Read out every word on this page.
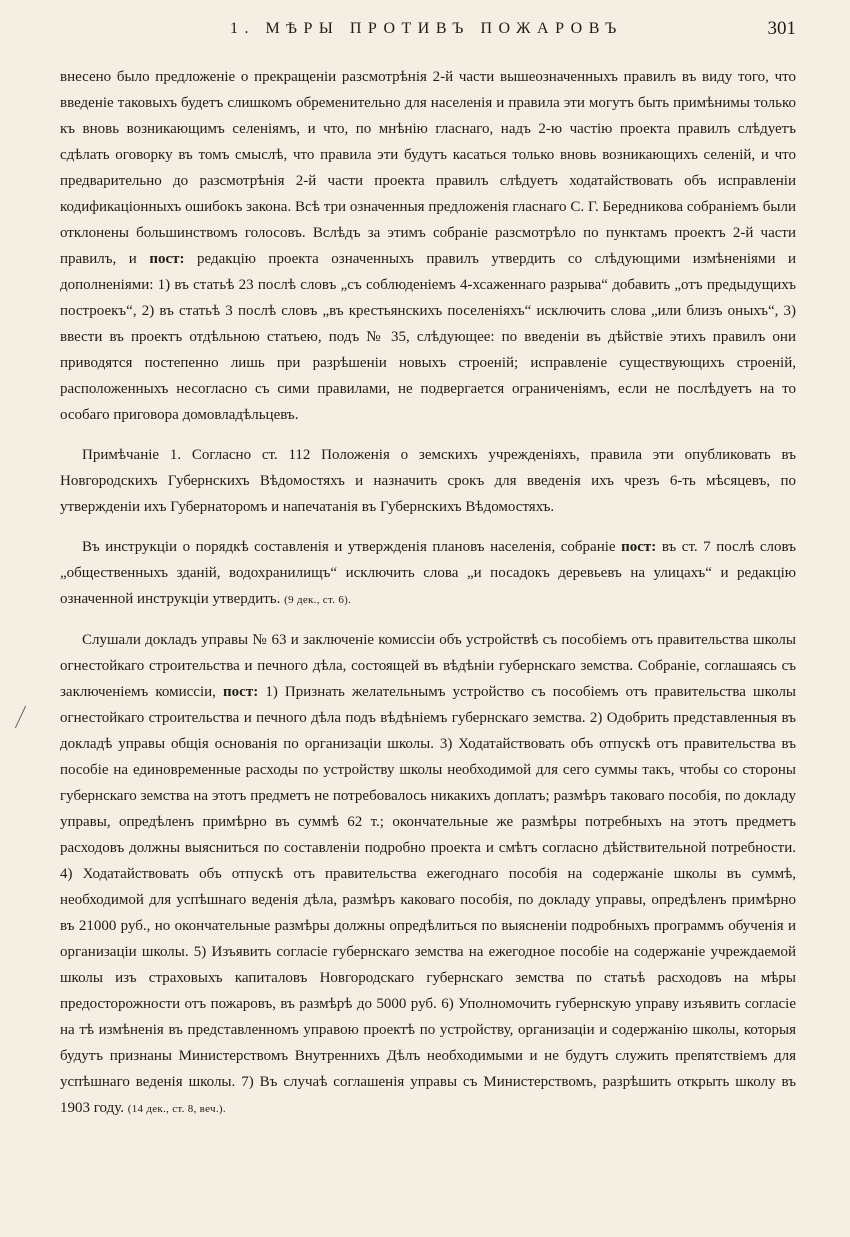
1. МѢРЫ ПРОТИВЪ ПОЖАРОВЪ	301

внесено было предложеніе о прекращеніи разсмотрѣнія 2-й части вышеозначенныхъ правилъ въ виду того, что введеніе таковыхъ будетъ слишкомъ обременительно для населенія и правила эти могутъ быть примѣнимы только къ вновь возникающимъ селеніямъ, и что, по мнѣнію гласнаго, надъ 2-ю частію проекта правилъ слѣдуетъ сдѣлать оговорку въ томъ смыслѣ, что правила эти будутъ касаться только вновь возникающихъ селеній, и что предварительно до разсмотрѣнія 2-й части проекта правилъ слѣдуетъ ходатайствовать объ исправленіи кодификаціонныхъ ошибокъ закона. Всѣ три означенныя предложенія гласнаго С. Г. Бередникова собраніемъ были отклонены большинствомъ голосовъ. Вслѣдъ за этимъ собраніе разсмотрѣло по пунктамъ проектъ 2-й части правилъ, и пост: редакцію проекта означенныхъ правилъ утвердить со слѣдующими измѣненіями и дополненіями: 1) въ статьѣ 23 послѣ словъ „съ соблюденіемъ 4-хсаженнаго разрыва“ добавить „отъ предыдущихъ построекъ“, 2) въ статьѣ 3 послѣ словъ „въ крестьянскихъ поселеніяхъ“ исключить слова „или близъ оныхъ“, 3) ввести въ проектъ отдѣльною статьею, подъ № 35, слѣдующее: по введеніи въ дѣйствіе этихъ правилъ они приводятся постепенно лишь при разрѣшеніи новыхъ строеній; исправленіе существующихъ строеній, расположенныхъ несогласно съ сими правилами, не подвергается ограниченіямъ, если не послѣдуетъ на то особаго приговора домовладѣльцевъ.

Примѣчаніе 1. Согласно ст. 112 Положенія о земскихъ учрежденіяхъ, правила эти опубликовать въ Новгородскихъ Губернскихъ Вѣдомостяхъ и назначить срокъ для введенія ихъ чрезъ 6-ть мѣсяцевъ, по утвержденіи ихъ Губернаторомъ и напечатанія въ Губернскихъ Вѣдомостяхъ.

Въ инструкціи о порядкѣ составленія и утвержденія плановъ населенія, собраніе пост: въ ст. 7 послѣ словъ „общественныхъ зданій, водохранилищъ“ исключить слова „и посадокъ деревьевъ на улицахъ“ и редакцію означенной инструкціи утвердить. (9 дек., ст. 6).

Слушали докладъ управы № 63 и заключеніе комиссіи объ устройствѣ съ пособіемъ отъ правительства школы огнестойкаго строительства и печного дѣла, состоящей въ вѣдѣніи губернскаго земства. Собраніе, соглашаясь съ заключеніемъ комиссіи, пост: 1) Признать желательнымъ устройство съ пособіемъ отъ правительства школы огнестойкаго строительства и печного дѣла подъ вѣдѣніемъ губернскаго земства. 2) Одобрить представленныя въ докладѣ управы общія основанія по организаціи школы. 3) Ходатайствовать объ отпускѣ отъ правительства въ пособіе на единовременные расходы по устройству школы необходимой для сего суммы такъ, чтобы со стороны губернскаго земства на этотъ предметъ не потребовалось никакихъ доплатъ; размѣръ таковаго пособія, по докладу управы, опредѣленъ примѣрно въ суммѣ 62 т.; окончательные же размѣры потребныхъ на этотъ предметъ расходовъ должны выясниться по составленіи подробно проекта и смѣтъ согласно дѣйствительной потребности. 4) Ходатайствовать объ отпускѣ отъ правительства ежегоднаго пособія на содержаніе школы въ суммѣ, необходимой для успѣшнаго веденія дѣла, размѣръ каковаго пособія, по докладу управы, опредѣленъ примѣрно въ 21000 руб., но окончательные размѣры должны опредѣлиться по выясненіи подробныхъ программъ обученія и организаціи школы. 5) Изъявить согласіе губернскаго земства на ежегодное пособіе на содержаніе учреждаемой школы изъ страховыхъ капиталовъ Новгородскаго губернскаго земства по статьѣ расходовъ на мѣры предосторожности отъ пожаровъ, въ размѣрѣ до 5000 руб. 6) Уполномочить губернскую управу изъявить согласіе на тѣ измѣненія въ представленномъ управою проектѣ по устройству, организаціи и содержанію школы, которыя будутъ признаны Министерствомъ Внутреннихъ Дѣлъ необходимыми и не будутъ служить препятствіемъ для успѣшнаго веденія школы. 7) Въ случаѣ соглашенія управы съ Министерствомъ, разрѣшить открыть школу въ 1903 году. (14 дек., ст. 8, веч.).
